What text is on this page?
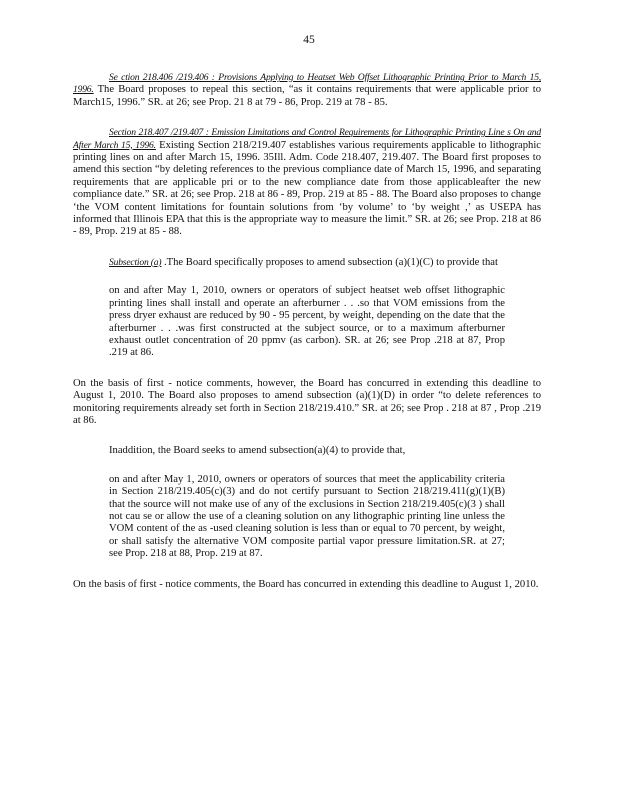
45

Se ction 218.406 /219.406 : Provisions Applying to Heatset Web Offset Lithographic Printing Prior to March 15, 1996. The Board proposes to repeal this section, “as it contains requirements that were applicable prior to March15, 1996.” SR. at 26; see Prop. 21 8 at 79 - 86, Prop. 219 at 78 - 85.

Section 218.407 /219.407 : Emission Limitations and Control Requirements for Lithographic Printing Line s On and After March 15, 1996. Existing Section 218/219.407 establishes various requirements applicable to lithographic printing lines on and after March 15, 1996. 35Ill. Adm. Code 218.407, 219.407. The Board first proposes to amend this section “by deleting references to the previous compliance date of March 15, 1996, and separating requirements that are applicable pri or to the new compliance date from those applicableafter the new compliance date.” SR. at 26; see Prop. 218 at 86 - 89, Prop. 219 at 85 - 88. The Board also proposes to change ‘the VOM content limitations for fountain solutions from ‘by volume’ to ‘by weight ,’ as USEPA has informed that Illinois EPA that this is the appropriate way to measure the limit.” SR. at 26; see Prop. 218 at 86 - 89, Prop. 219 at 85 - 88.

Subsection (a) .The Board specifically proposes to amend subsection (a)(1)(C) to provide that

on and after May 1, 2010, owners or operators of subject heatset web offset lithographic printing lines shall install and operate an afterburner . . .so that VOM emissions from the press dryer exhaust are reduced by 90 - 95 percent, by weight, depending on the date that the afterburner . . .was first constructed at the subject source, or to a maximum afterburner exhaust outlet concentration of 20 ppmv (as carbon). SR. at 26; see Prop .218 at 87, Prop .219 at 86.

On the basis of first - notice comments, however, the Board has concurred in extending this deadline to August 1, 2010. The Board also proposes to amend subsection (a)(1)(D) in order “to delete references to monitoring requirements already set forth in Section 218/219.410.” SR. at 26; see Prop . 218 at 87 , Prop .219 at 86.

Inaddition, the Board seeks to amend subsection(a)(4) to provide that,

on and after May 1, 2010, owners or operators of sources that meet the applicability criteria in Section 218/219.405(c)(3) and do not certify pursuant to Section 218/219.411(g)(1)(B) that the source will not make use of any of the exclusions in Section 218/219.405(c)(3 ) shall not cau se or allow the use of a cleaning solution on any lithographic printing line unless the VOM content of the as -used cleaning solution is less than or equal to 70 percent, by weight, or shall satisfy the alternative VOM composite partial vapor pressure limitation.SR. at 27; see Prop. 218 at 88, Prop. 219 at 87.

On the basis of first - notice comments, the Board has concurred in extending this deadline to August 1, 2010.
